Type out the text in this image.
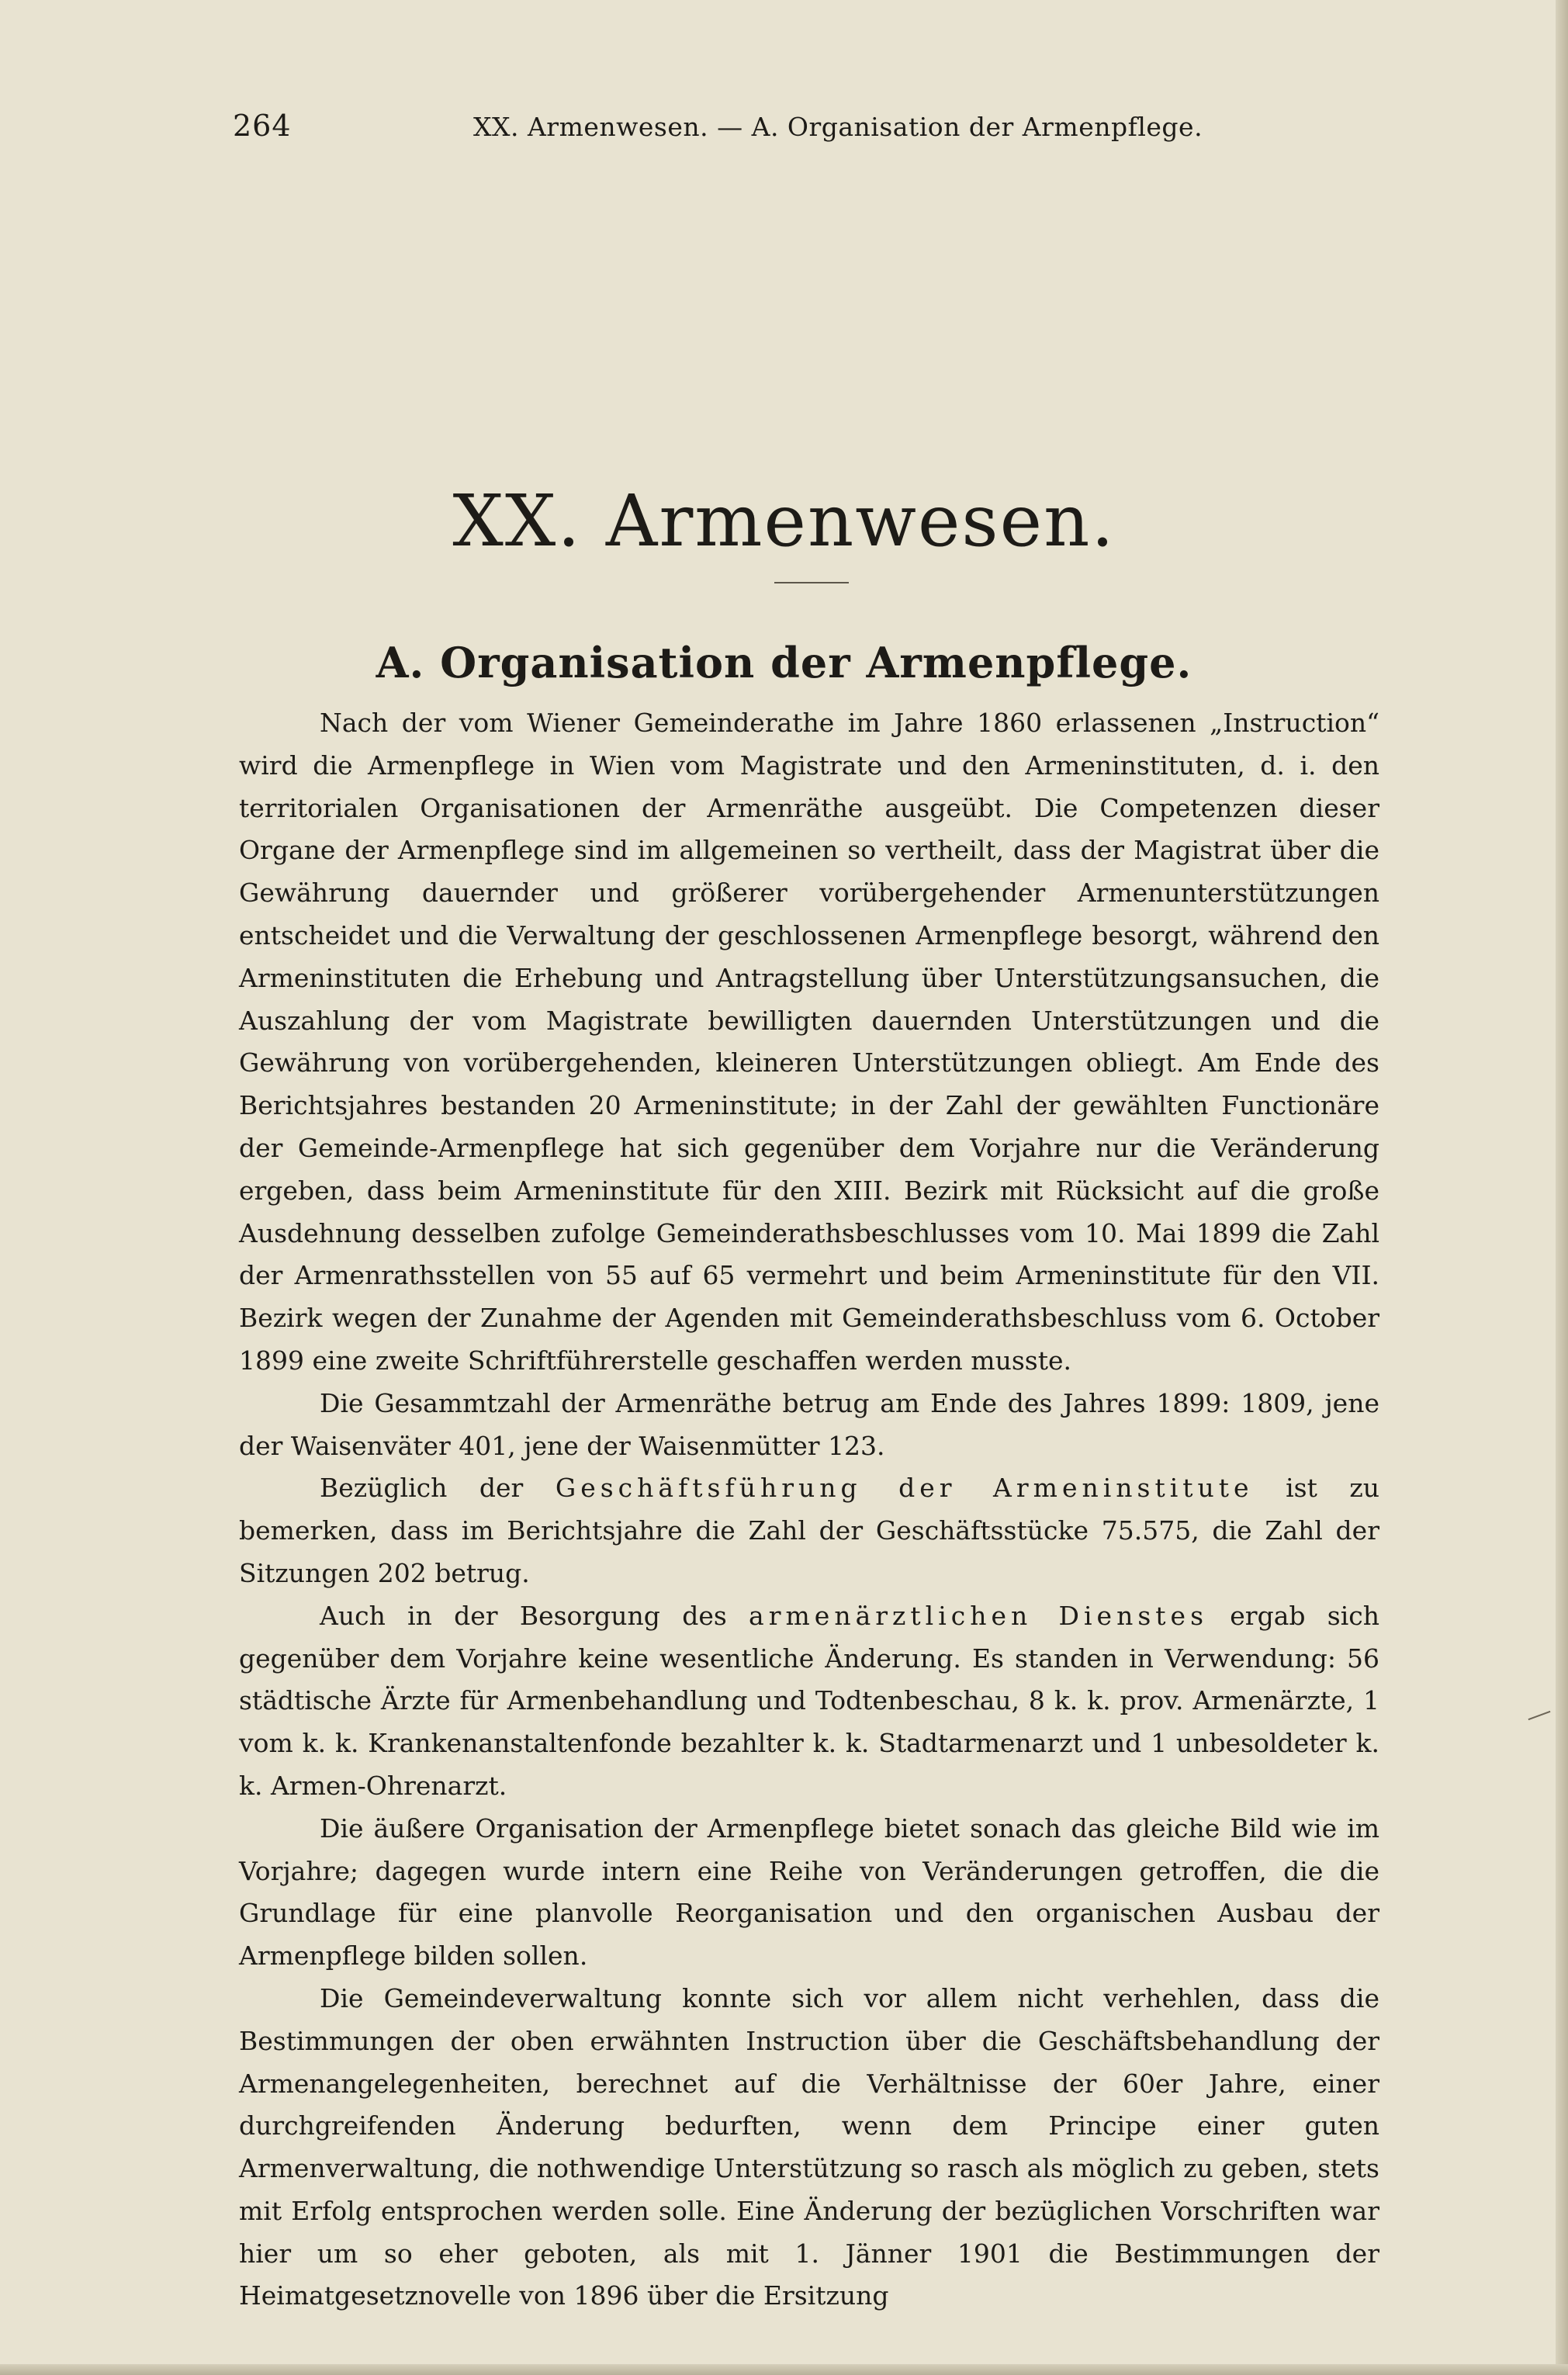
264	XX. Armenwesen. — A. Organisation der Armenpflege.
XX. Armenwesen.
A. Organisation der Armenpflege.

Nach der vom Wiener Gemeinderathe im Jahre 1860 erlassenen „Instruction“ wird die Armenpflege in Wien vom Magistrate und den Armeninstituten, d. i. den territorialen Organisationen der Armenräthe ausgeübt. Die Competenzen dieser Organe der Armenpflege sind im allgemeinen so vertheilt, dass der Magistrat über die Gewährung dauernder und größerer vorübergehender Armenunterstützungen entscheidet und die Verwaltung der geschlossenen Armenpflege besorgt, während den Armeninstituten die Erhebung und Antragstellung über Unterstützungsansuchen, die Auszahlung der vom Magistrate bewilligten dauernden Unterstützungen und die Gewährung von vorübergehenden, kleineren Unterstützungen obliegt. Am Ende des Berichtsjahres bestanden 20 Armeninstitute; in der Zahl der gewählten Functionäre der Gemeinde-Armenpflege hat sich gegenüber dem Vorjahre nur die Veränderung ergeben, dass beim Armeninstitute für den XIII. Bezirk mit Rücksicht auf die große Ausdehnung desselben zufolge Gemeinderathsbeschlusses vom 10. Mai 1899 die Zahl der Armenrathsstellen von 55 auf 65 vermehrt und beim Armeninstitute für den VII. Bezirk wegen der Zunahme der Agenden mit Gemeinderathsbeschluss vom 6. October 1899 eine zweite Schriftführerstelle geschaffen werden musste.

Die Gesammtzahl der Armenräthe betrug am Ende des Jahres 1899: 1809, jene der Waisenväter 401, jene der Waisenmütter 123.

Bezüglich der Geschäftsführung der Armeninstitute ist zu bemerken, dass im Berichtsjahre die Zahl der Geschäftsstücke 75.575, die Zahl der Sitzungen 202 betrug.

Auch in der Besorgung des armenärztlichen Dienstes ergab sich gegenüber dem Vorjahre keine wesentliche Änderung. Es standen in Verwendung: 56 städtische Ärzte für Armenbehandlung und Todtenbeschau, 8 k. k. prov. Armenärzte, 1 vom k. k. Krankenanstaltenfonde bezahlter k. k. Stadtarmenarzt und 1 unbesoldeter k. k. Armen-Ohrenarzt.

Die äußere Organisation der Armenpflege bietet sonach das gleiche Bild wie im Vorjahre; dagegen wurde intern eine Reihe von Veränderungen getroffen, die die Grundlage für eine planvolle Reorganisation und den organischen Ausbau der Armenpflege bilden sollen.

Die Gemeindeverwaltung konnte sich vor allem nicht verhehlen, dass die Bestimmungen der oben erwähnten Instruction über die Geschäftsbehandlung der Armenangelegenheiten, berechnet auf die Verhältnisse der 60er Jahre, einer durchgreifenden Änderung bedurften, wenn dem Principe einer guten Armenverwaltung, die nothwendige Unterstützung so rasch als möglich zu geben, stets mit Erfolg entsprochen werden solle. Eine Änderung der bezüglichen Vorschriften war hier um so eher geboten, als mit 1. Jänner 1901 die Bestimmungen der Heimatgesetznovelle von 1896 über die Ersitzung
